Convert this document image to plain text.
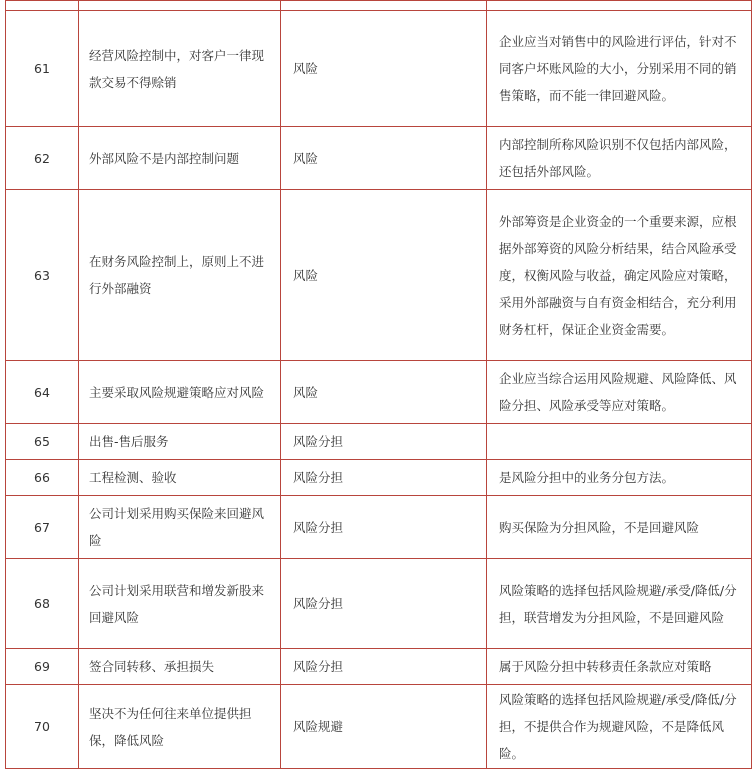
61	经营风险控制中，对客户一律现款交易不得赊销	风险	企业应当对销售中的风险进行评估，针对不同客户坏账风险的大小，分别采用不同的销售策略，而不能一律回避风险。

62	外部风险不是内部控制问题	风险	内部控制所称风险识别不仅包括内部风险，还包括外部风险。

63	在财务风险控制上，原则上不进行外部融资	风险	外部筹资是企业资金的一个重要来源，应根据外部筹资的风险分析结果，结合风险承受度，权衡风险与收益，确定风险应对策略，采用外部融资与自有资金相结合，充分利用财务杠杆，保证企业资金需要。

64	主要采取风险规避策略应对风险	风险	企业应当综合运用风险规避、风险降低、风险分担、风险承受等应对策略。

65	出售-售后服务	风险分担	

66	工程检测、验收	风险分担	是风险分担中的业务分包方法。

67	公司计划采用购买保险来回避风险	风险分担	购买保险为分担风险，不是回避风险

68	公司计划采用联营和增发新股来回避风险	风险分担	风险策略的选择包括风险规避/承受/降低/分担，联营增发为分担风险，不是回避风险

69	签合同转移、承担损失	风险分担	属于风险分担中转移责任条款应对策略

70	坚决不为任何往来单位提供担保，降低风险	风险规避	风险策略的选择包括风险规避/承受/降低/分担，不提供合作为规避风险，不是降低风险。
